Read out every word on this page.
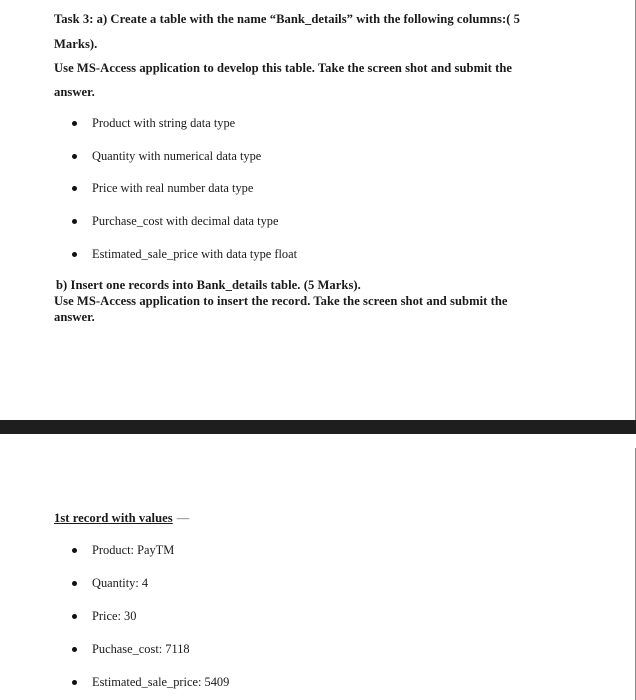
Task 3: a) Create a table with the name “Bank_details” with the following columns:( 5
Marks).
Use MS-Access application to develop this table. Take the screen shot and submit the
answer.
Product with string data type
Quantity with numerical data type
Price with real number data type
Purchase_cost with decimal data type
Estimated_sale_price with data type float
b) Insert one records into Bank_details table. (5 Marks).
Use MS-Access application to insert the record. Take the screen shot and submit the
answer.
1st record with values —
Product: PayTM
Quantity: 4
Price: 30
Puchase_cost: 7118
Estimated_sale_price: 5409
